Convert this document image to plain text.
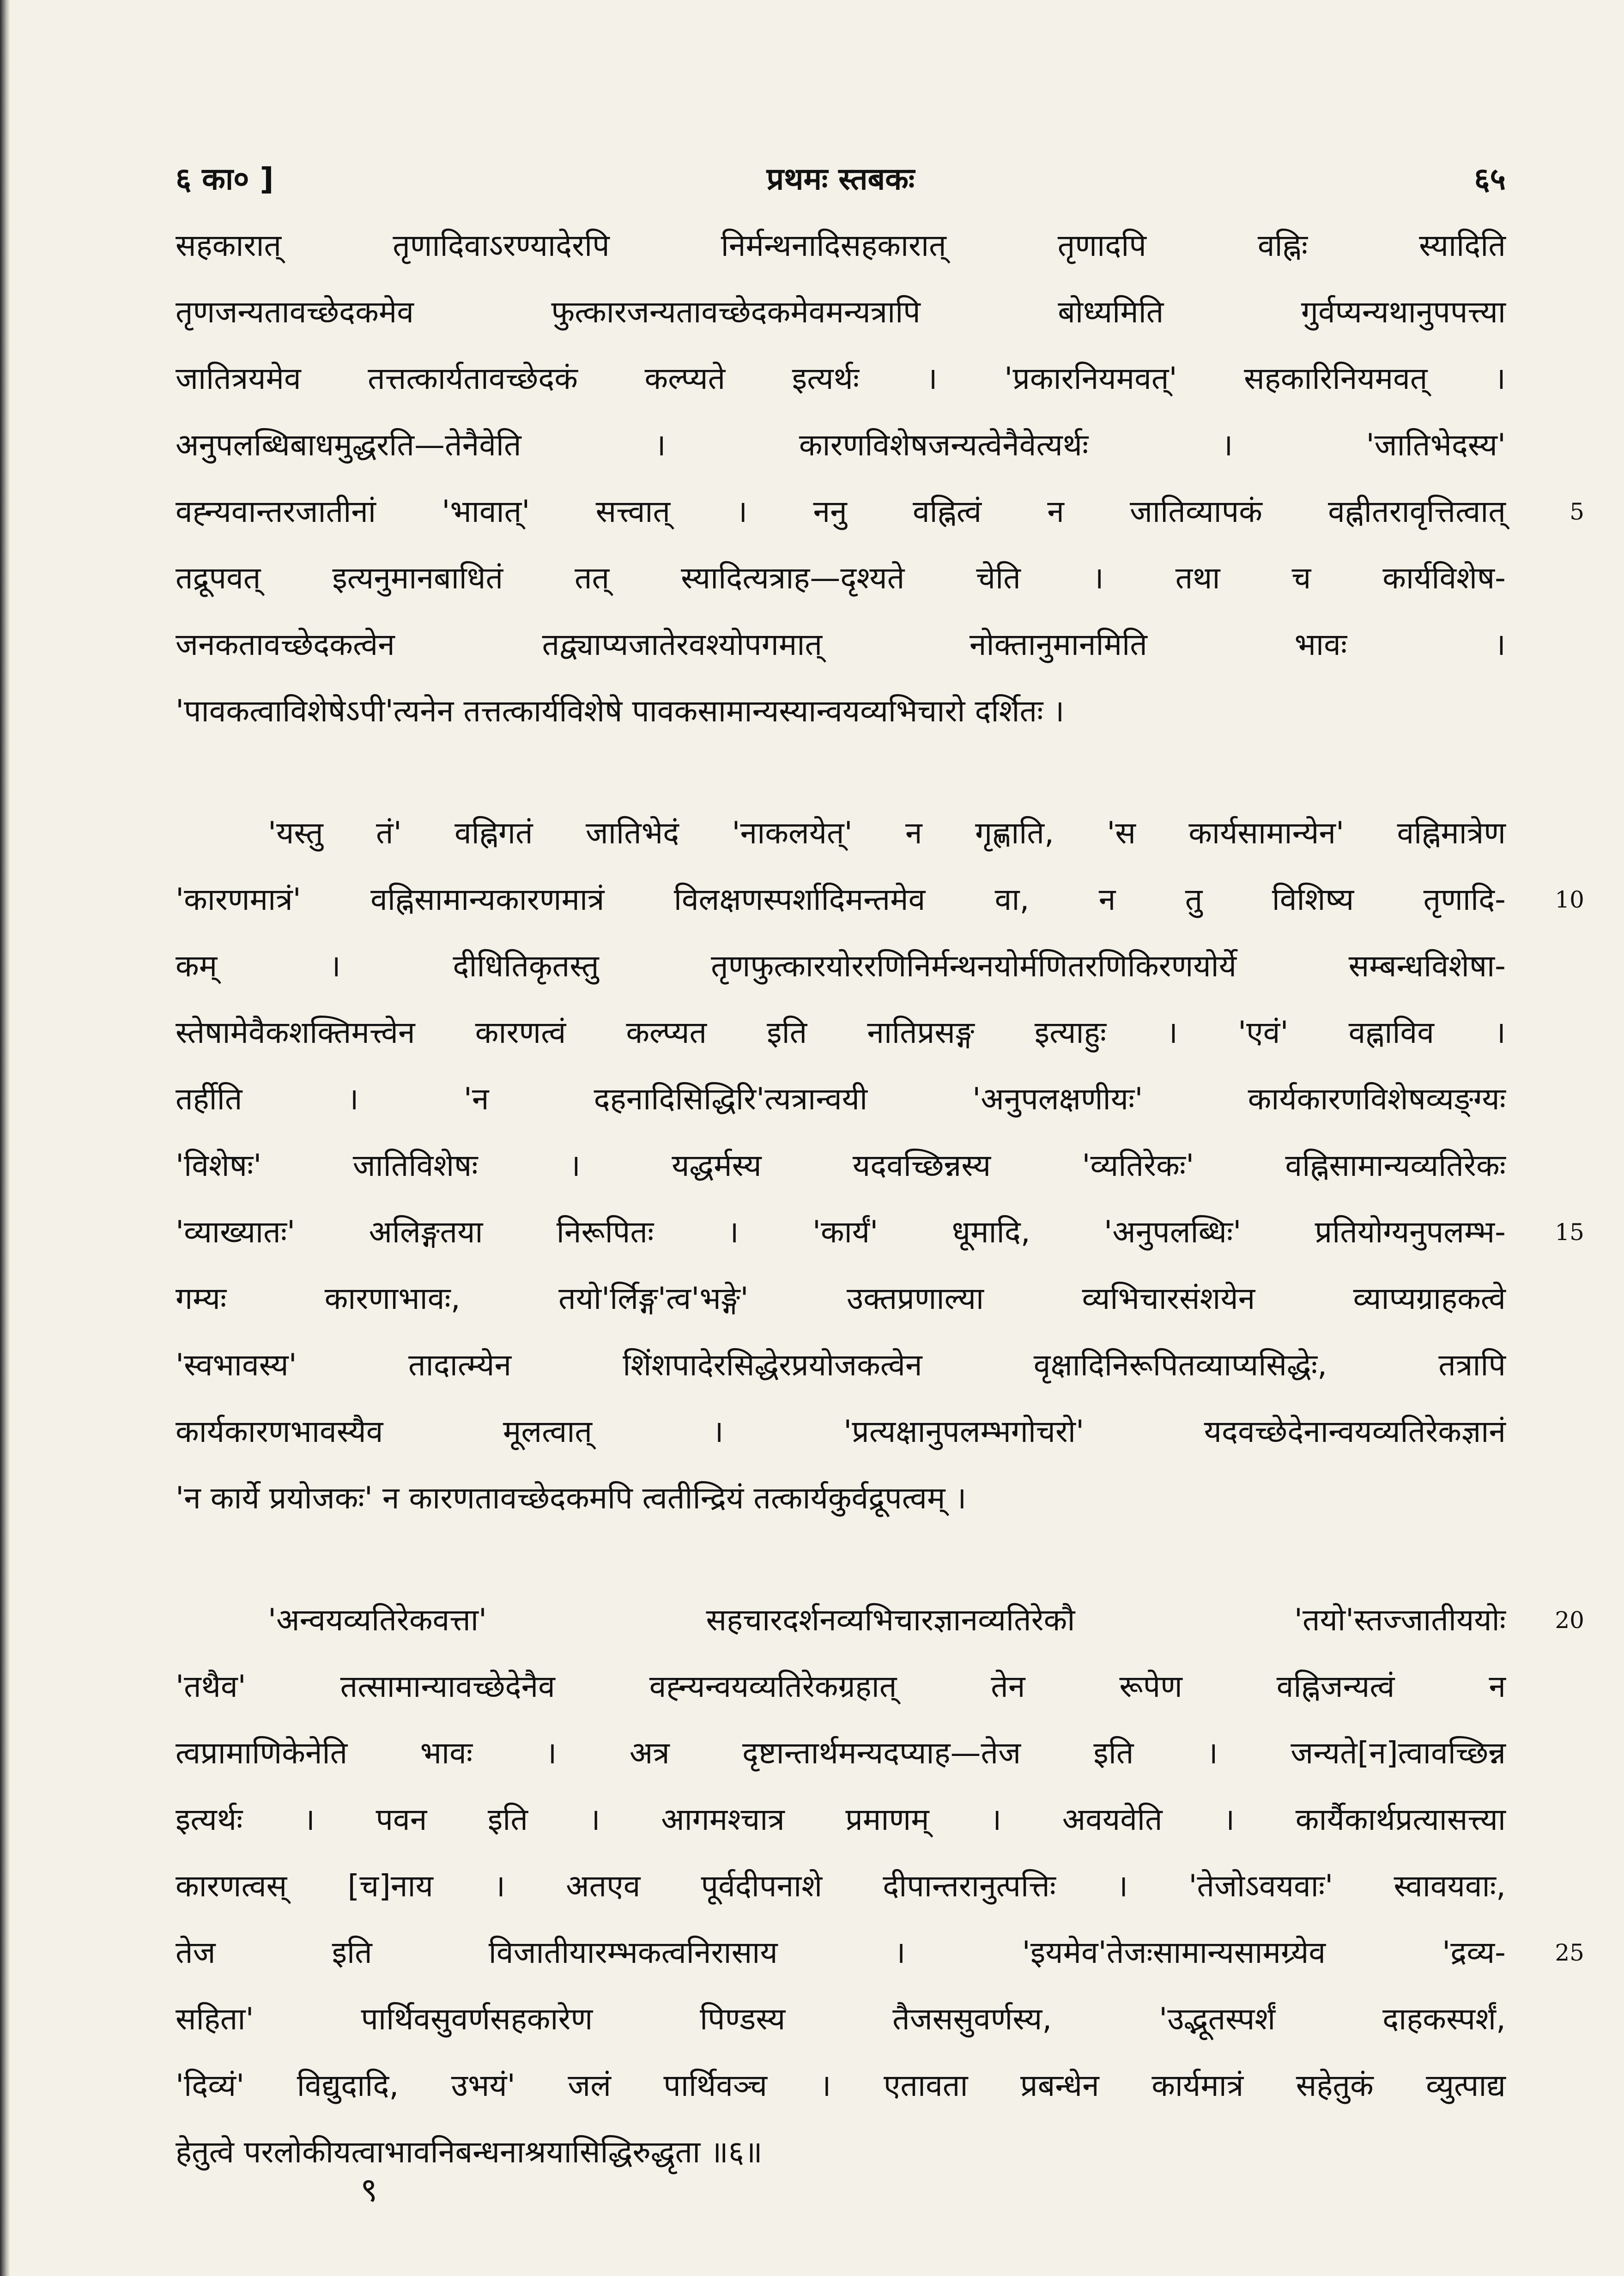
६ का० ]	प्रथमः स्तबकः	६५
सहकारात् तृणादिवाऽरण्यादेरपि निर्मन्थनादिसहकारात् तृणादपि वह्निः स्यादिति
तृणजन्यतावच्छेदकमेव फुत्कारजन्यतावच्छेदकमेवमन्यत्रापि बोध्यमिति गुर्वप्यन्यथानुपपत्त्या
जातित्रयमेव तत्तत्कार्यतावच्छेदकं कल्प्यते इत्यर्थः । 'प्रकारनियमवत्' सहकारिनियमवत् ।
अनुपलब्धिबाधमुद्धरति—तेनैवेति । कारणविशेषजन्यत्वेनैवेत्यर्थः । 'जातिभेदस्य'
वह्न्यवान्तरजातीनां 'भावात्' सत्त्वात् । ननु वह्नित्वं न जातिव्यापकं वह्नीतरावृत्तित्वात्	5
तद्रूपवत् इत्यनुमानबाधितं तत् स्यादित्यत्राह—दृश्यते चेति । तथा च कार्यविशेष-
जनकतावच्छेदकत्वेन तद्व्याप्यजातेरवश्योपगमात् नोक्तानुमानमिति भावः ।
'पावकत्वाविशेषेऽपी'त्यनेन तत्तत्कार्यविशेषे पावकसामान्यस्यान्वयव्यभिचारो दर्शितः ।
'यस्तु तं' वह्निगतं जातिभेदं 'नाकलयेत्' न गृह्णाति, 'स कार्यसामान्येन' वह्निमात्रेण
'कारणमात्रं' वह्निसामान्यकारणमात्रं विलक्षणस्पर्शादिमन्तमेव वा, न तु विशिष्य तृणादि- 10
कम् । दीधितिकृतस्तु तृणफुत्कारयोररणिनिर्मन्थनयोर्मणितरणिकिरणयोर्ये सम्बन्धविशेषा-
स्तेषामेवैकशक्तिमत्त्वेन कारणत्वं कल्प्यत इति नातिप्रसङ्ग इत्याहुः । 'एवं' वह्नाविव ।
तर्हीति । 'न दहनादिसिद्धिरि'त्यत्रान्वयी 'अनुपलक्षणीयः' कार्यकारणविशेषव्यङ्ग्यः
'विशेषः' जातिविशेषः । यद्धर्मस्य यदवच्छिन्नस्य 'व्यतिरेकः' वह्निसामान्यव्यतिरेकः
'व्याख्यातः' अलिङ्गतया निरूपितः । 'कार्यं' धूमादि, 'अनुपलब्धिः' प्रतियोग्यनुपलम्भ- 15
गम्यः कारणाभावः, तयो'र्लिङ्ग'त्व'भङ्गे' उक्तप्रणाल्या व्यभिचारसंशयेन व्याप्यग्राहकत्वे
'स्वभावस्य' तादात्म्येन शिंशपादेरसिद्धेरप्रयोजकत्वेन वृक्षादिनिरूपितव्याप्यसिद्धेः, तत्रापि
कार्यकारणभावस्यैव मूलत्वात् । 'प्रत्यक्षानुपलम्भगोचरो' यदवच्छेदेनान्वयव्यतिरेकज्ञानं
'न कार्ये प्रयोजकः' न कारणतावच्छेदकमपि त्वतीन्द्रियं तत्कार्यकुर्वद्रूपत्वम् ।
'अन्वयव्यतिरेकवत्ता' सहचारदर्शनव्यभिचारज्ञानव्यतिरेकौ 'तयो'स्तज्जातीययोः 20
'तथैव' तत्सामान्यावच्छेदेनैव वह्न्यन्वयव्यतिरेकग्रहात् तेन रूपेण वह्निजन्यत्वं न
त्वप्रामाणिकेनेति भावः । अत्र दृष्टान्तार्थमन्यदप्याह—तेज इति । जन्यते[न]त्वावच्छिन्न
इत्यर्थः । पवन इति । आगमश्चात्र प्रमाणम् । अवयवेति । कार्यैकार्थप्रत्यासत्त्या
कारणत्वस् [च]नाय । अतएव पूर्वदीपनाशे दीपान्तरानुत्पत्तिः । 'तेजोऽवयवाः' स्वावयवाः,
तेज इति विजातीयारम्भकत्वनिरासाय । 'इयमेव'तेजःसामान्यसामग्र्येव 'द्रव्य- 25
सहिता' पार्थिवसुवर्णसहकारेण पिण्डस्य तैजससुवर्णस्य, 'उद्भूतस्पर्शं दाहकस्पर्शं,
'दिव्यं' विद्युदादि, उभयं' जलं पार्थिवञ्च । एतावता प्रबन्धेन कार्यमात्रं सहेतुकं व्युत्पाद्य
हेतुत्वे परलोकीयत्वाभावनिबन्धनाश्रयासिद्धिरुद्धृता ॥६॥
९
